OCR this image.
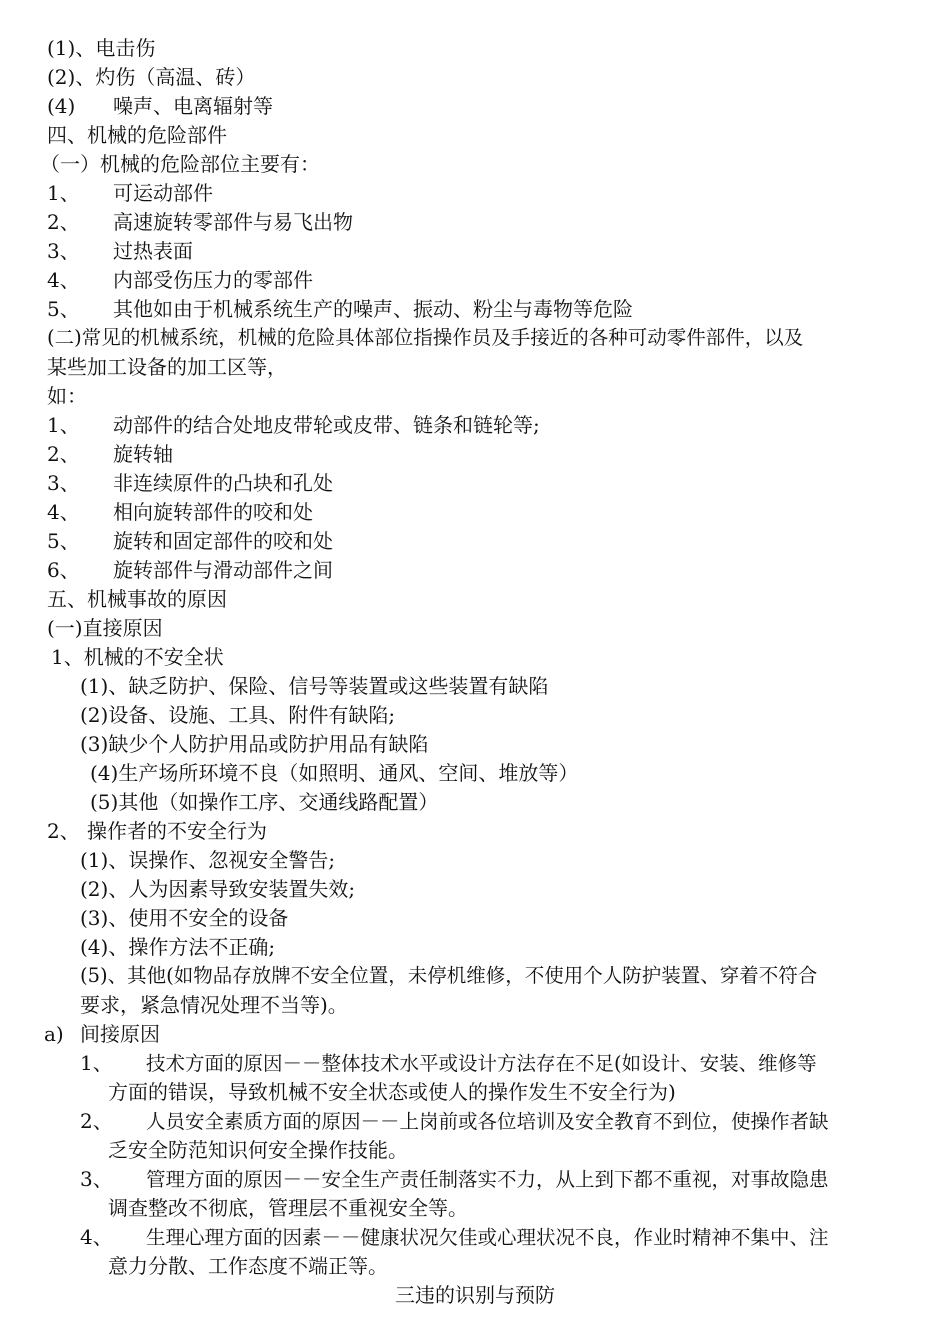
(1)、电击伤
(2)、灼伤（高温、砖）
(4) 噪声、电离辐射等
四、机械的危险部件
（一）机械的危险部位主要有：
1、 可运动部件
2、 高速旋转零部件与易飞出物
3、 过热表面
4、 内部受伤压力的零部件
5、 其他如由于机械系统生产的噪声、振动、粉尘与毒物等危险
(二)常见的机械系统，机械的危险具体部位指操作员及手接近的各种可动零件部件，以及
某些加工设备的加工区等，
如：
1、 动部件的结合处地皮带轮或皮带、链条和链轮等;
2、 旋转轴
3、 非连续原件的凸块和孔处
4、 相向旋转部件的咬和处
5、 旋转和固定部件的咬和处
6、 旋转部件与滑动部件之间
五、机械事故的原因
(一)直接原因
1、机械的不安全状
(1)、缺乏防护、保险、信号等装置或这些装置有缺陷
(2)设备、设施、工具、附件有缺陷;
(3)缺少个人防护用品或防护用品有缺陷
(4)生产场所环境不良（如照明、通风、空间、堆放等）
(5)其他（如操作工序、交通线路配置）
2、 操作者的不安全行为
(1)、误操作、忽视安全警告;
(2)、人为因素导致安装置失效;
(3)、使用不安全的设备
(4)、操作方法不正确;
(5)、其他(如物品存放牌不安全位置，未停机维修，不使用个人防护装置、穿着不符合
要求，紧急情况处理不当等)。
a) 间接原因
1、 技术方面的原因－－整体技术水平或设计方法存在不足(如设计、安装、维修等
方面的错误，导致机械不安全状态或使人的操作发生不安全行为)
2、 人员安全素质方面的原因－－上岗前或各位培训及安全教育不到位，使操作者缺
乏安全防范知识何安全操作技能。
3、 管理方面的原因－－安全生产责任制落实不力，从上到下都不重视，对事故隐患
调查整改不彻底，管理层不重视安全等。
4、 生理心理方面的因素－－健康状况欠佳或心理状况不良，作业时精神不集中、注
意力分散、工作态度不端正等。
三违的识别与预防
